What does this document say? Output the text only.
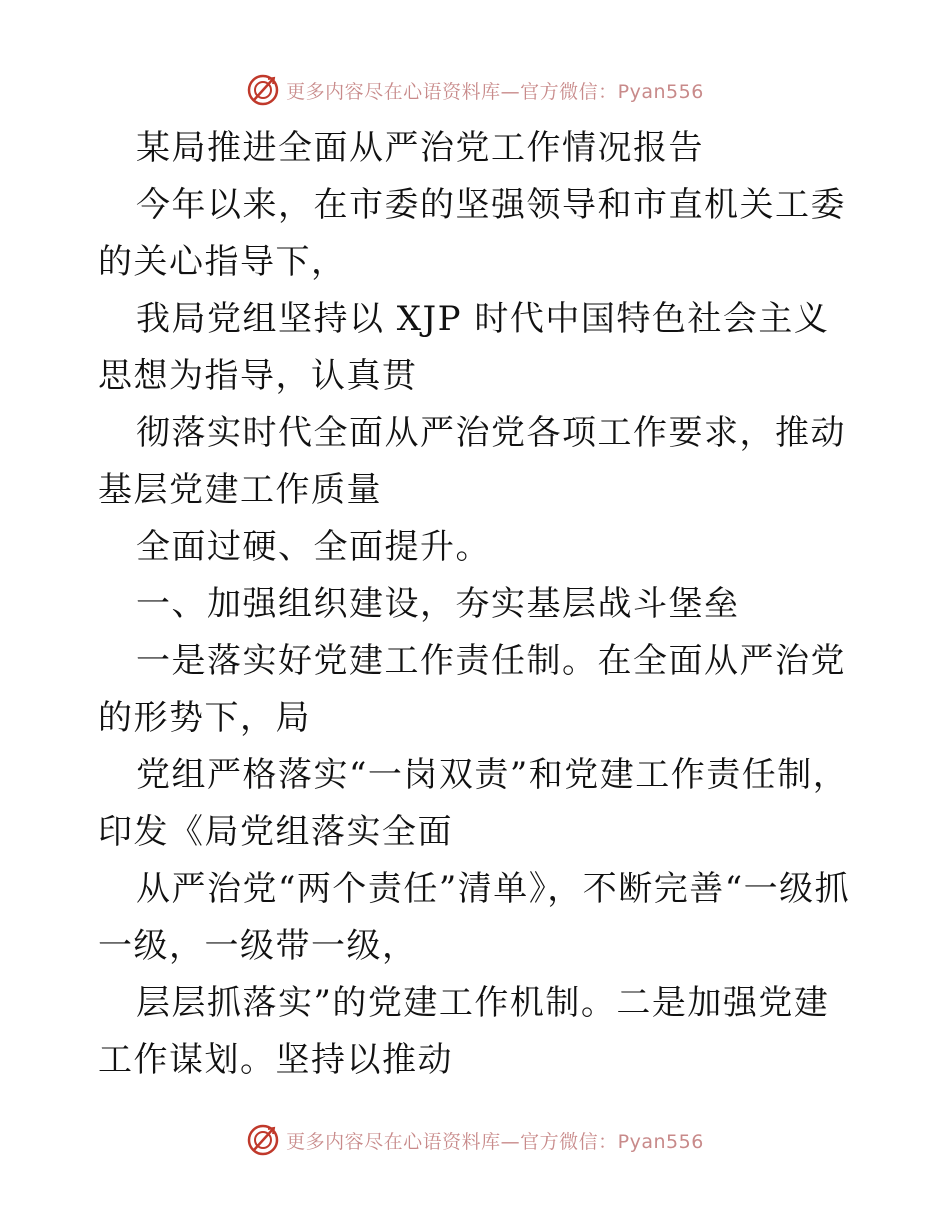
更多内容尽在心语资料库—官方微信：Pyan556

某局推进全面从严治党工作情况报告

今年以来，在市委的坚强领导和市直机关工委的关心指导下，

我局党组坚持以 XJP 时代中国特色社会主义思想为指导，认真贯

彻落实时代全面从严治党各项工作要求，推动基层党建工作质量

全面过硬、全面提升。

一、加强组织建设，夯实基层战斗堡垒

一是落实好党建工作责任制。在全面从严治党的形势下，局

党组严格落实“一岗双责”和党建工作责任制，印发《局党组落实全面

从严治党“两个责任”清单》，不断完善“一级抓一级，一级带一级，

层层抓落实”的党建工作机制。二是加强党建工作谋划。坚持以推动

更多内容尽在心语资料库—官方微信：Pyan556
